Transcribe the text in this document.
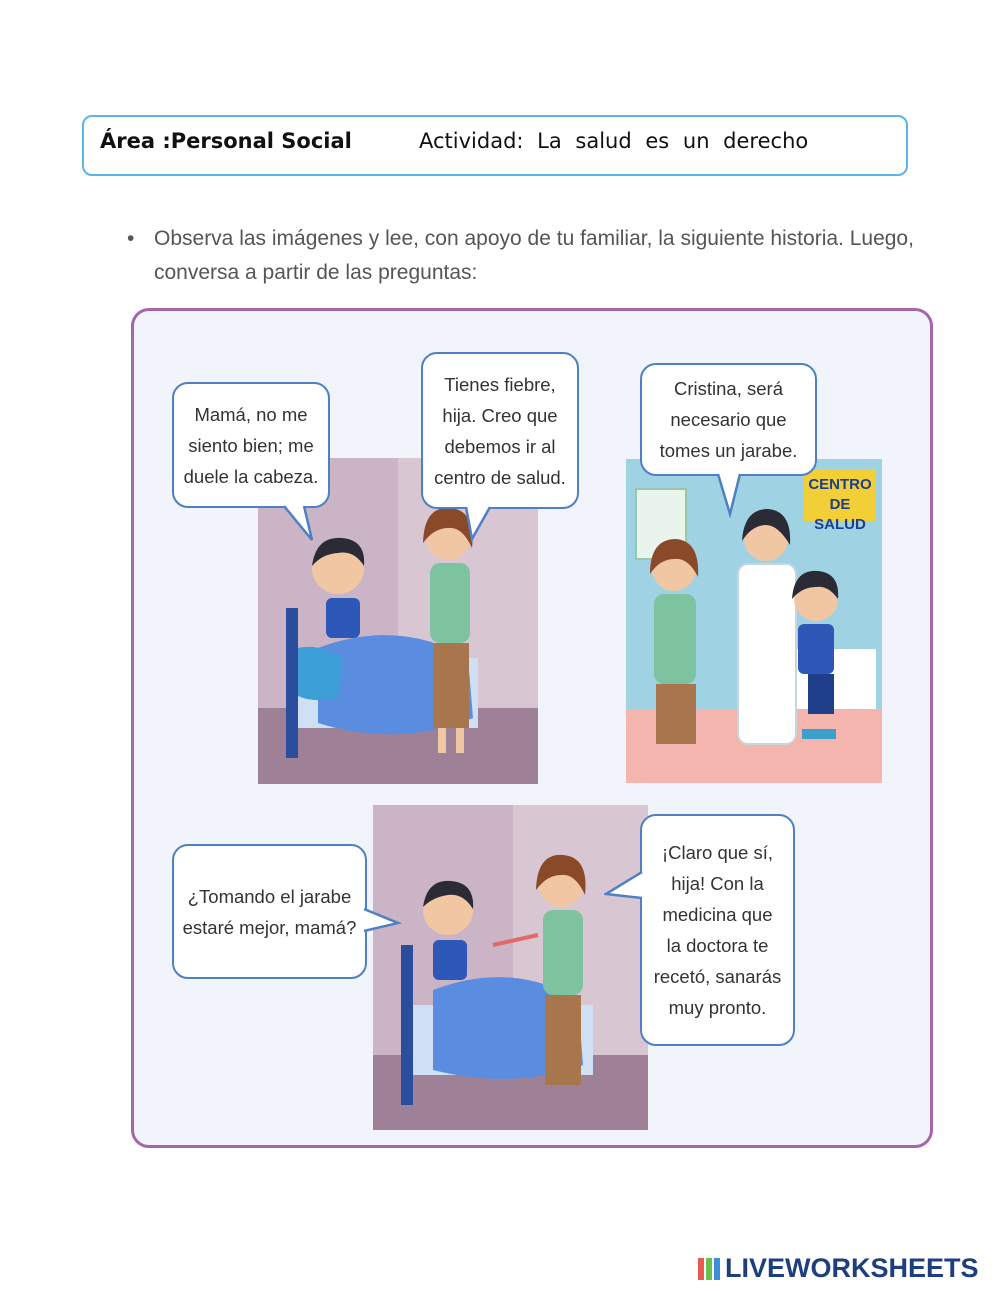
Área :Personal Social	Actividad: La salud es un derecho
• Observa las imágenes y lee, con apoyo de tu familiar, la siguiente historia. Luego, conversa a partir de las preguntas:
CENTRO
DE SALUD
Mamá, no me
siento bien; me
duele la cabeza.
Tienes fiebre,
hija. Creo que
debemos ir al
centro de salud.
Cristina, será
necesario que
tomes un jarabe.
¿Tomando el jarabe
estaré mejor, mamá?
¡Claro que sí,
hija! Con la
medicina que
la doctora te
recetó, sanarás
muy pronto.
LIVEWORKSHEETS
